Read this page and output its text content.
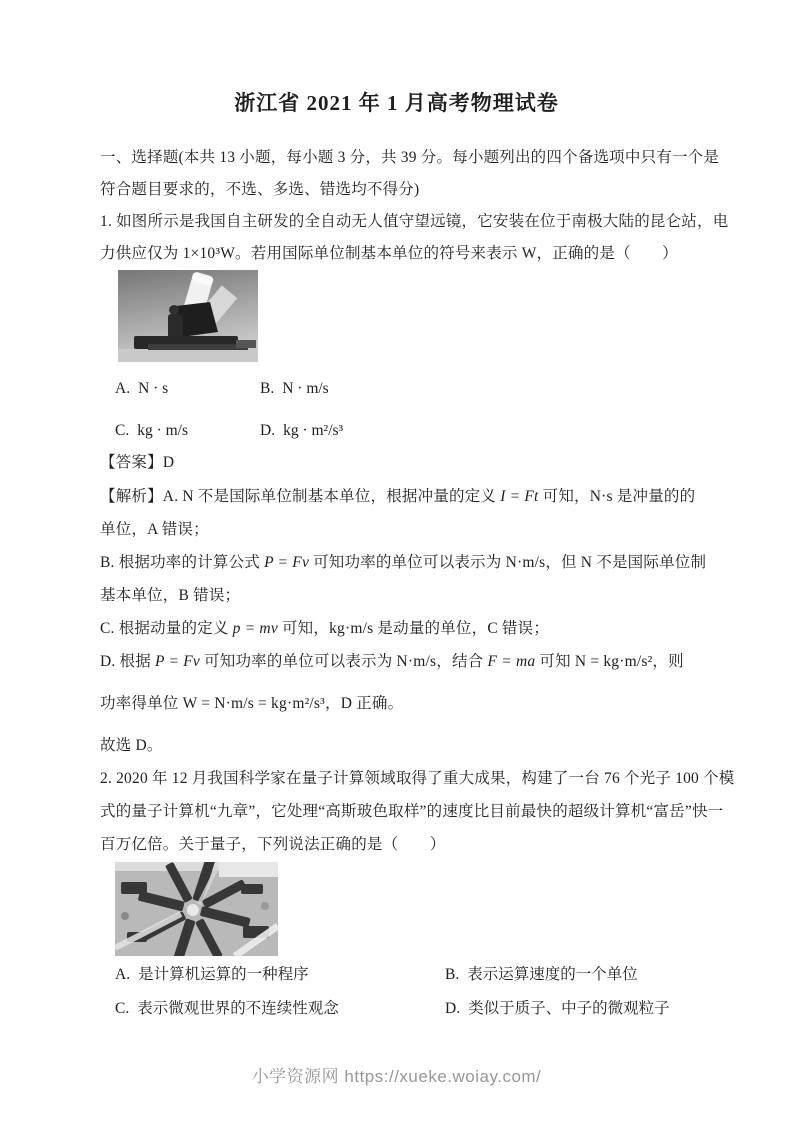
浙江省 2021 年 1 月高考物理试卷
一、选择题(本共 13 小题，每小题 3 分，共 39 分。每小题列出的四个备选项中只有一个是
符合题目要求的，不选、多选、错选均不得分)
1. 如图所示是我国自主研发的全自动无人值守望远镜，它安装在位于南极大陆的昆仑站，电
力供应仅为 1×10³W。若用国际单位制基本单位的符号来表示 W，正确的是（　　）
A. N · s	B. N · m/s
C. kg · m/s	D. kg · m²/s³
【答案】D
【解析】A. N 不是国际单位制基本单位，根据冲量的定义 I = Ft 可知，N·s 是冲量的的
单位，A 错误；
B. 根据功率的计算公式 P = Fv 可知功率的单位可以表示为 N·m/s，但 N 不是国际单位制
基本单位，B 错误；
C. 根据动量的定义 p = mv 可知，kg·m/s 是动量的单位，C 错误；
D. 根据 P = Fv 可知功率的单位可以表示为 N·m/s，结合 F = ma 可知 N = kg·m/s²，则
功率得单位 W = N·m/s = kg·m²/s³，D 正确。
故选 D。
2. 2020 年 12 月我国科学家在量子计算领域取得了重大成果，构建了一台 76 个光子 100 个模
式的量子计算机“九章”，它处理“高斯玻色取样”的速度比目前最快的超级计算机“富岳”快一
百万亿倍。关于量子，下列说法正确的是（　　）
A. 是计算机运算的一种程序	B. 表示运算速度的一个单位
C. 表示微观世界的不连续性观念	D. 类似于质子、中子的微观粒子
小学资源网 https://xueke.woiay.com/
